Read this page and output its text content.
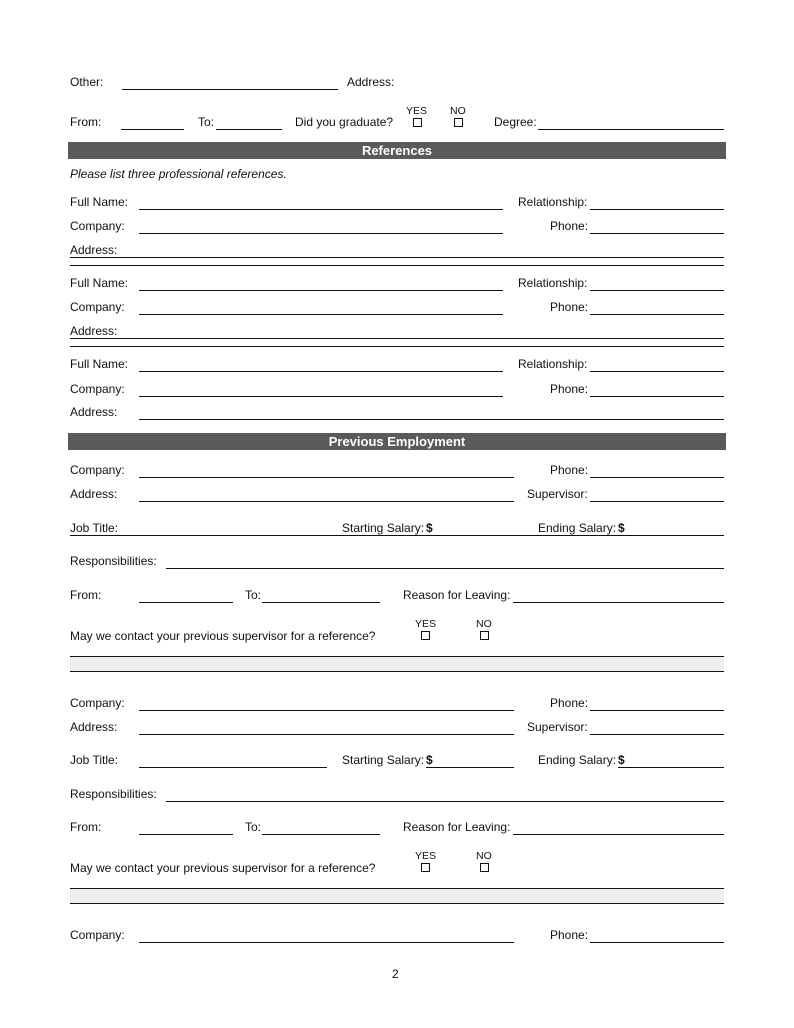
Other:	Address:
YES NO
From:	To:	Did you graduate?	Degree:
References
Please list three professional references.
Full Name:	Relationship:
Company:	Phone:
Address:
Full Name:	Relationship:
Company:	Phone:
Address:
Full Name:	Relationship:
Company:	Phone:
Address:
Previous Employment
Company:	Phone:
Address:	Supervisor:
Job Title:	Starting Salary: $	Ending Salary: $
Responsibilities:
From:	To:	Reason for Leaving:
YES	NO
May we contact your previous supervisor for a reference?
Company:	Phone:
Address:	Supervisor:
Job Title:	Starting Salary: $	Ending Salary: $
Responsibilities:
From:	To:	Reason for Leaving:
YES	NO
May we contact your previous supervisor for a reference?
Company:	Phone:
2
